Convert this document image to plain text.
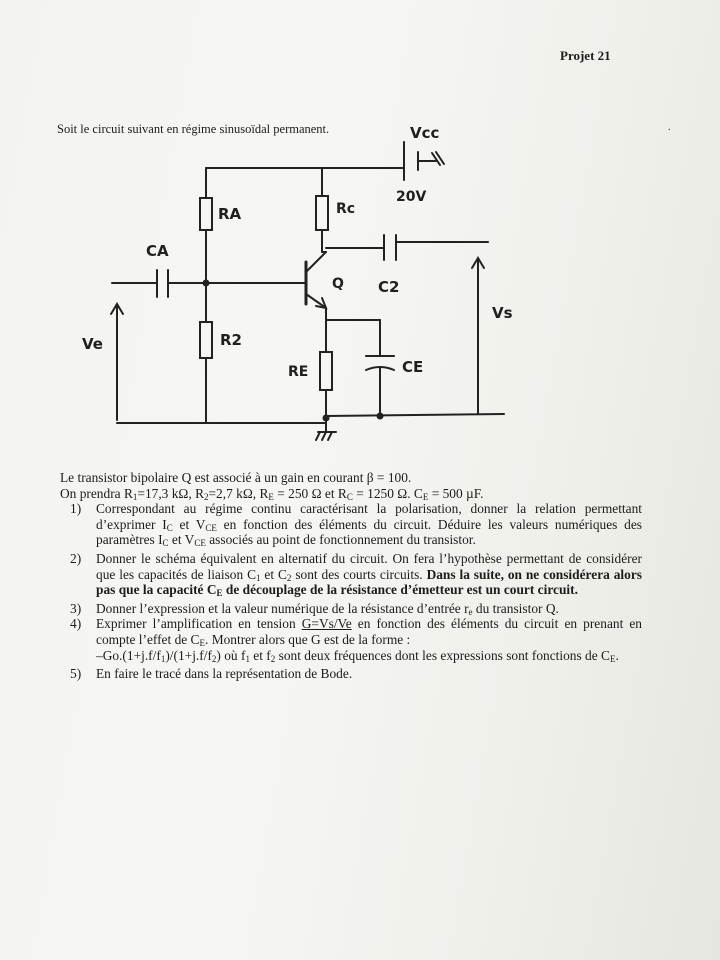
Projet 21
Soit le circuit suivant en régime sinusoïdal permanent.	.
Vcc
20V
RA	Rc
CA
Q C2
Vs
Ve	R2
RE	CE

Le transistor bipolaire Q est associé à un gain en courant β = 100.

On prendra $R_1=17,3$ kΩ, $R_2=2,7$ kΩ, $R_E = 250$ Ω et $R_C = 1250$ Ω. $C_E = 500$ µF.

1) Correspondant au régime continu caractérisant la polarisation, donner la relation permettant d’exprimer $I_C$ et $V_{CE}$ en fonction des éléments du circuit. Déduire les valeurs numériques des paramètres $I_C$ et $V_{CE}$ associés au point de fonctionnement du transistor.
2) Donner le schéma équivalent en alternatif du circuit. On fera l’hypothèse permettant de considérer que les capacités de liaison $C_1$ et $C_2$ sont des courts circuits. Dans la suite, on ne considérera alors pas que la capacité $C_E$ de découplage de la résistance d’émetteur est un court circuit.
3) Donner l’expression et la valeur numérique de la résistance d’entrée $r_e$ du transistor Q.
4) Exprimer l’amplification en tension G=Vs/Ve en fonction des éléments du circuit en prenant en compte l’effet de $C_E$. Montrer alors que G est de la forme :
$-Go.(1+j.f/f_1)/(1+j.f/f_2)$ où $f_1$ et $f_2$ sont deux fréquences dont les expressions sont fonctions de $C_E$.
5) En faire le tracé dans la représentation de Bode.
